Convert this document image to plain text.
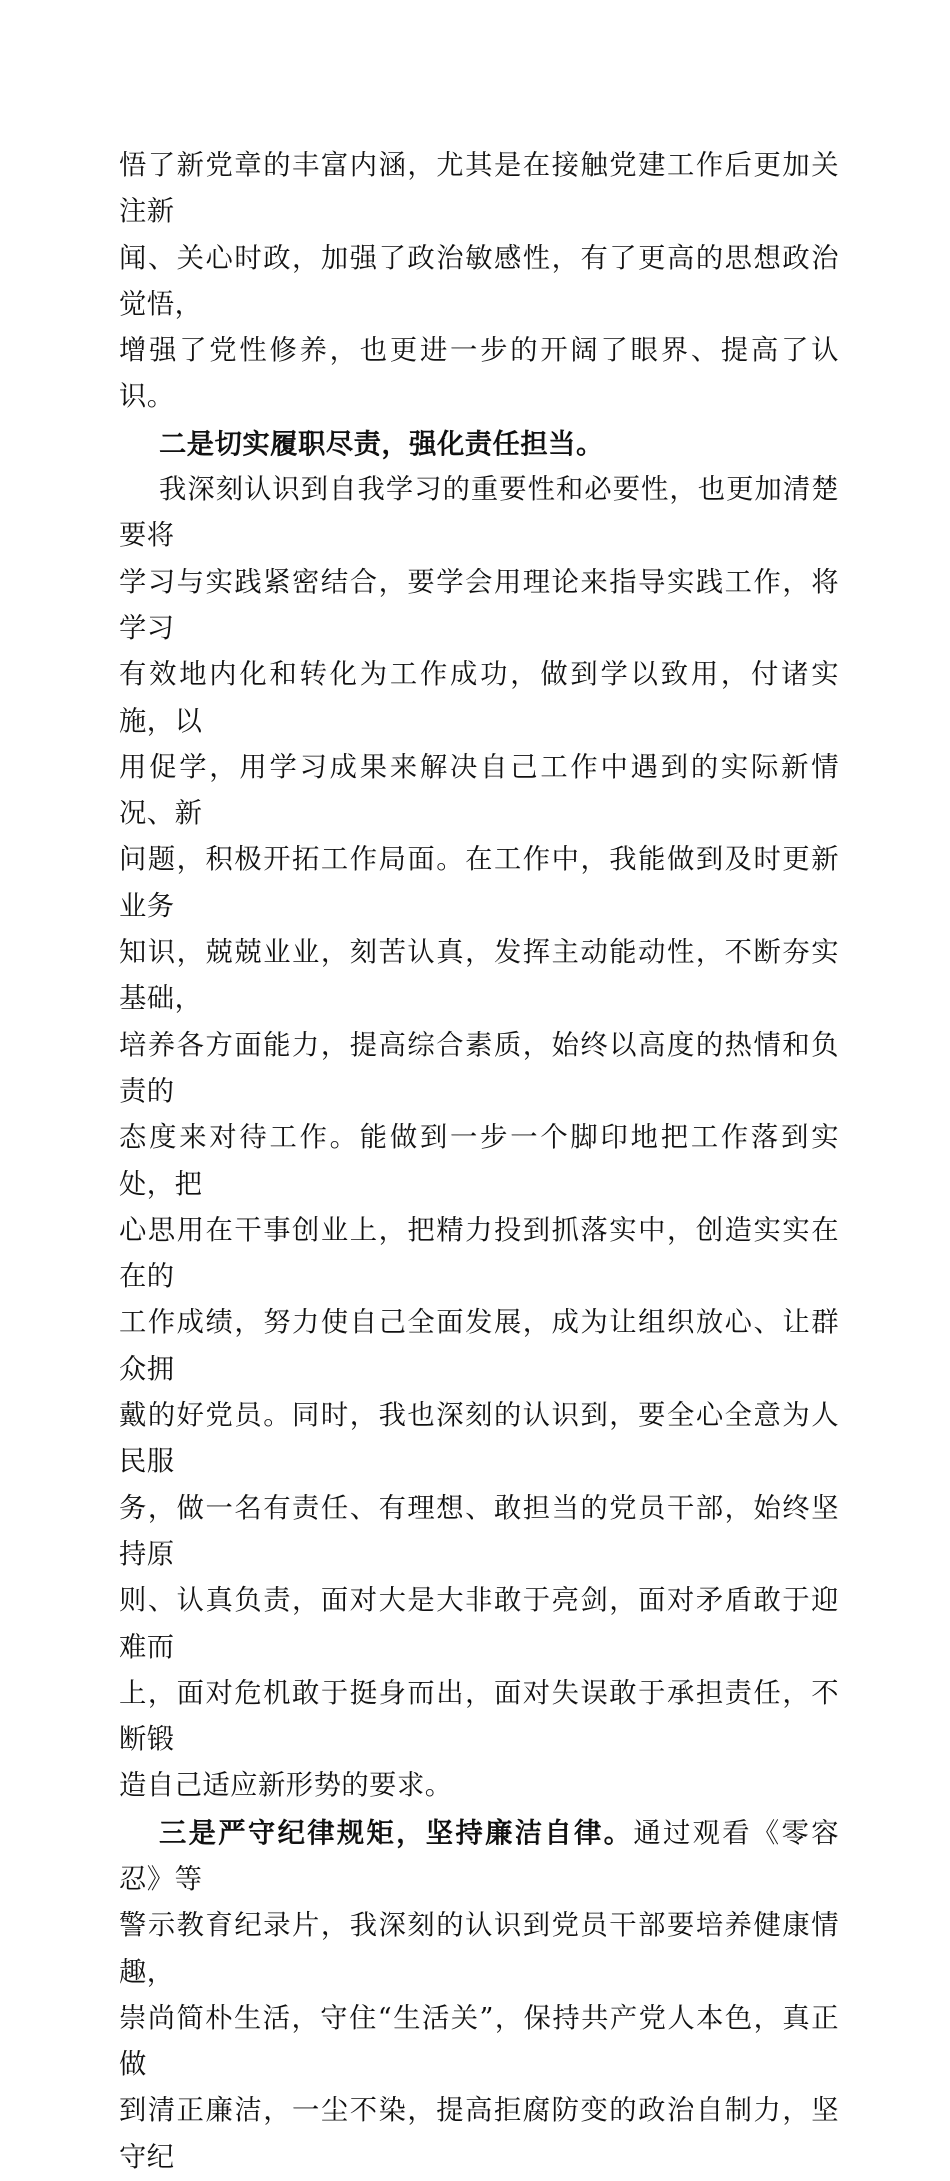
悟了新党章的丰富内涵，尤其是在接触党建工作后更加关注新

闻、关心时政，加强了政治敏感性，有了更高的思想政治觉悟，

增强了党性修养，也更进一步的开阔了眼界、提高了认识。

二是切实履职尽责，强化责任担当。

我深刻认识到自我学习的重要性和必要性，也更加清楚要将

学习与实践紧密结合，要学会用理论来指导实践工作，将学习

有效地内化和转化为工作成功，做到学以致用，付诸实施，以

用促学，用学习成果来解决自己工作中遇到的实际新情况、新

问题，积极开拓工作局面。在工作中，我能做到及时更新业务

知识，兢兢业业，刻苦认真，发挥主动能动性，不断夯实基础，

培养各方面能力，提高综合素质，始终以高度的热情和负责的

态度来对待工作。能做到一步一个脚印地把工作落到实处，把

心思用在干事创业上，把精力投到抓落实中，创造实实在在的

工作成绩，努力使自己全面发展，成为让组织放心、让群众拥

戴的好党员。同时，我也深刻的认识到，要全心全意为人民服

务，做一名有责任、有理想、敢担当的党员干部，始终坚持原

则、认真负责，面对大是大非敢于亮剑，面对矛盾敢于迎难而

上，面对危机敢于挺身而出，面对失误敢于承担责任，不断锻

造自己适应新形势的要求。

三是严守纪律规矩，坚持廉洁自律。通过观看《零容忍》等

警示教育纪录片，我深刻的认识到党员干部要培养健康情趣，

崇尚简朴生活，守住“生活关”，保持共产党人本色，真正做

到清正廉洁，一尘不染，提高拒腐防变的政治自制力，坚守纪
